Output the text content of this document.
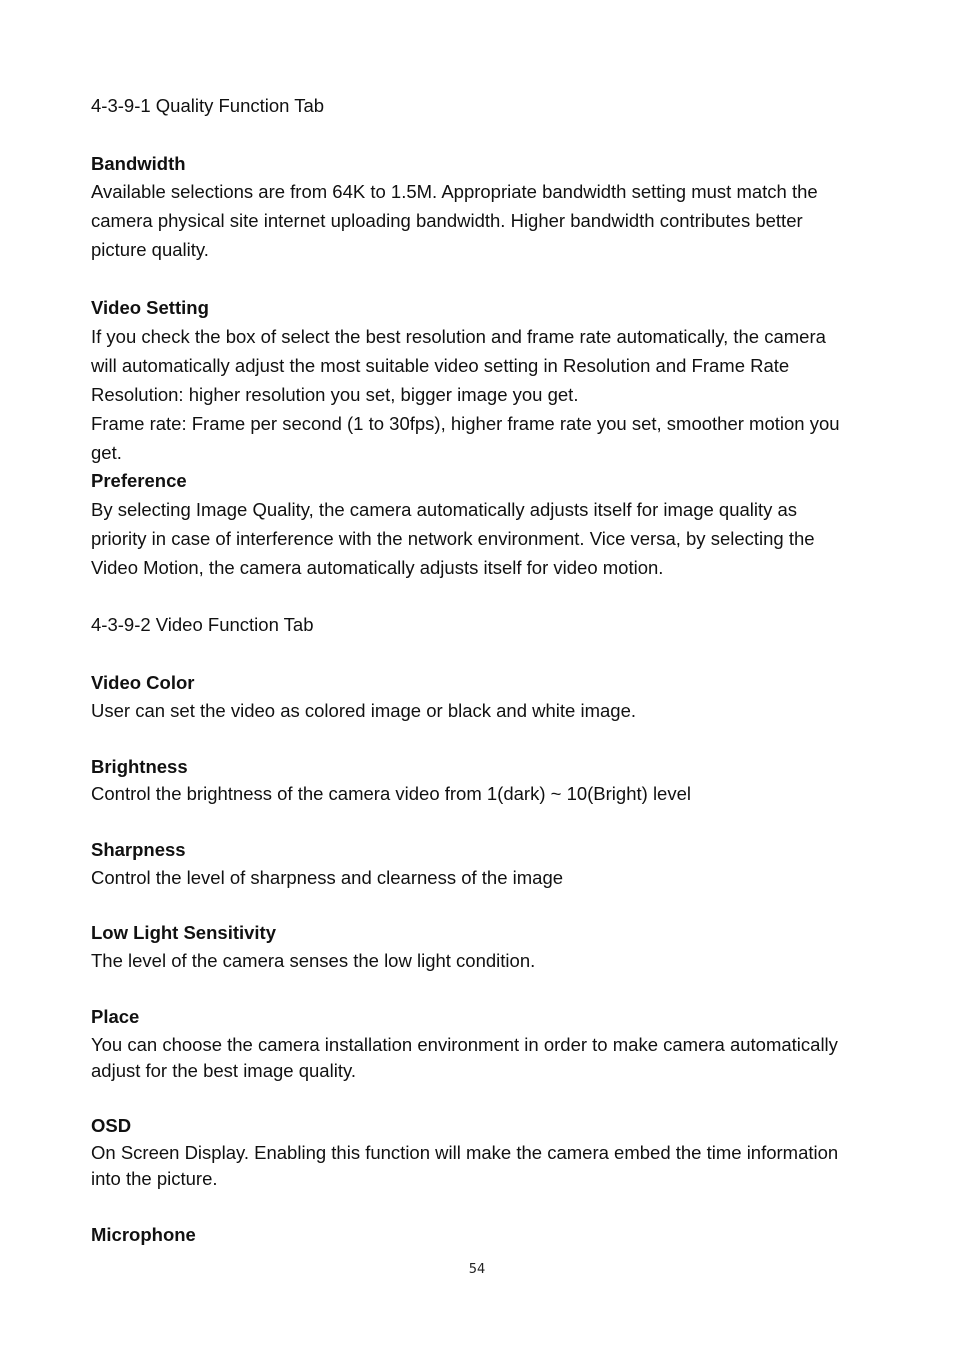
4-3-9-1 Quality Function Tab

Bandwidth

Available selections are from 64K to 1.5M. Appropriate bandwidth setting must match the
camera physical site internet uploading bandwidth. Higher bandwidth contributes better
picture quality.

Video Setting

If you check the box of select the best resolution and frame rate automatically, the camera
will automatically adjust the most suitable video setting in Resolution and Frame Rate
Resolution: higher resolution you set, bigger image you get.
Frame rate: Frame per second (1 to 30fps), higher frame rate you set, smoother motion you
get.

Preference

By selecting Image Quality, the camera automatically adjusts itself for image quality as
priority in case of interference with the network environment. Vice versa, by selecting the
Video Motion, the camera automatically adjusts itself for video motion.

4-3-9-2 Video Function Tab

Video Color

User can set the video as colored image or black and white image.

Brightness

Control the brightness of the camera video from 1(dark) ~ 10(Bright) level

Sharpness

Control the level of sharpness and clearness of the image

Low Light Sensitivity

The level of the camera senses the low light condition.

Place

You can choose the camera installation environment in order to make camera automatically
adjust for the best image quality.

OSD

On Screen Display. Enabling this function will make the camera embed the time information
into the picture.

Microphone

54
